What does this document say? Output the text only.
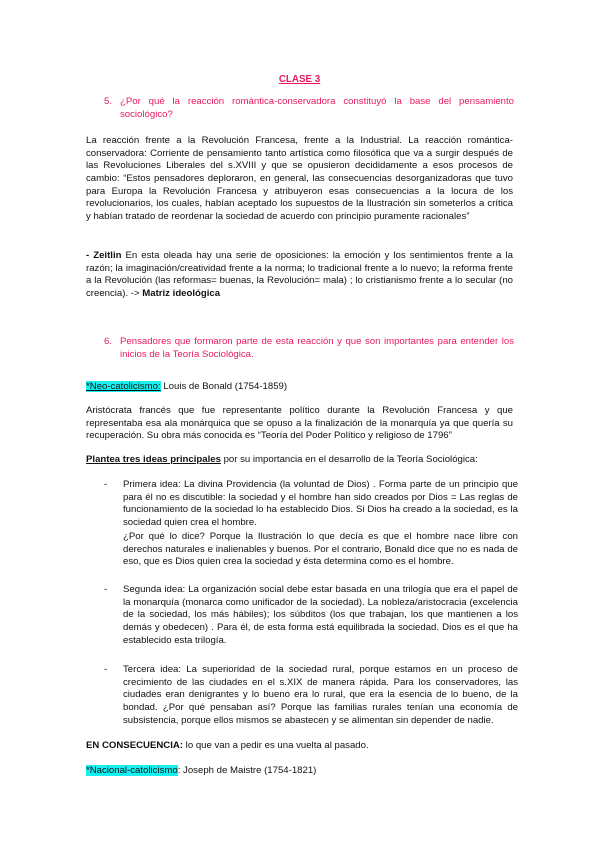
CLASE 3
5. ¿Por qué la reacción romántica-conservadora constituyó la base del pensamiento sociológico?
La reacción frente a la Revolución Francesa, frente a la Industrial. La reacción romántica-conservadora: Corriente de pensamiento tanto artística como filosófica que va a surgir después de las Revoluciones Liberales del s.XVIII y que se opusieron decididamente a esos procesos de cambio: “Estos pensadores deploraron, en general, las consecuencias desorganizadoras que tuvo para Europa la Revolución Francesa y atribuyeron esas consecuencias a la locura de los revolucionarios, los cuales, habían aceptado los supuestos de la Ilustración sin someterlos a crítica y habían tratado de reordenar la sociedad de acuerdo con principio puramente racionales”
- Zeitlin En esta oleada hay una serie de oposiciones: la emoción y los sentimientos frente a la razón; la imaginación/creatividad frente a la norma; lo tradicional frente a lo nuevo; la reforma frente a la Revolución (las reformas= buenas, la Revolución= mala) ; lo cristianismo frente a lo secular (no creencia). -> Matriz ideológica
6. Pensadores que formaron parte de esta reacción y que son importantes para entender los inicios de la Teoría Sociológica.
*Neo-catolicismo: Louis de Bonald (1754-1859)
Aristócrata francés que fue representante político durante la Revolución Francesa y que representaba esa ala monárquica que se opuso a la finalización de la monarquía ya que quería su recuperación. Su obra más conocida es “Teoría del Poder Político y religioso de 1796”
Plantea tres ideas principales por su importancia en el desarrollo de la Teoría Sociológica:
- Primera idea: La divina Providencia (la voluntad de Dios) . Forma parte de un principio que para él no es discutible: la sociedad y el hombre han sido creados por Dios = Las reglas de funcionamiento de la sociedad lo ha establecido Dios. Si Dios ha creado a la sociedad, es la sociedad quien crea el hombre.
¿Por qué lo dice? Porque la Ilustración lo que decía es que el hombre nace libre con derechos naturales e inalienables y buenos. Por el contrario, Bonald dice que no es nada de eso, que es Dios quien crea la sociedad y ésta determina como es el hombre.
- Segunda idea: La organización social debe estar basada en una trilogía que era el papel de la monarquía (monarca como unificador de la sociedad). La nobleza/aristocracia (excelencia de la sociedad, los más hábiles); los súbditos (los que trabajan, los que mantienen a los demás y obedecen) . Para él, de esta forma está equilibrada la sociedad. Dios es el que ha establecido esta trilogía.
- Tercera idea: La superioridad de la sociedad rural, porque estamos en un proceso de crecimiento de las ciudades en el s.XIX de manera rápida. Para los conservadores, las ciudades eran denigrantes y lo bueno era lo rural, que era la esencia de lo bueno, de la bondad. ¿Por qué pensaban así? Porque las familias rurales tenían una economía de subsistencia, porque ellos mismos se abastecen y se alimentan sin depender de nadie.
EN CONSECUENCIA: lo que van a pedir es una vuelta al pasado.
*Nacional-catolicismo: Joseph de Maistre (1754-1821)
